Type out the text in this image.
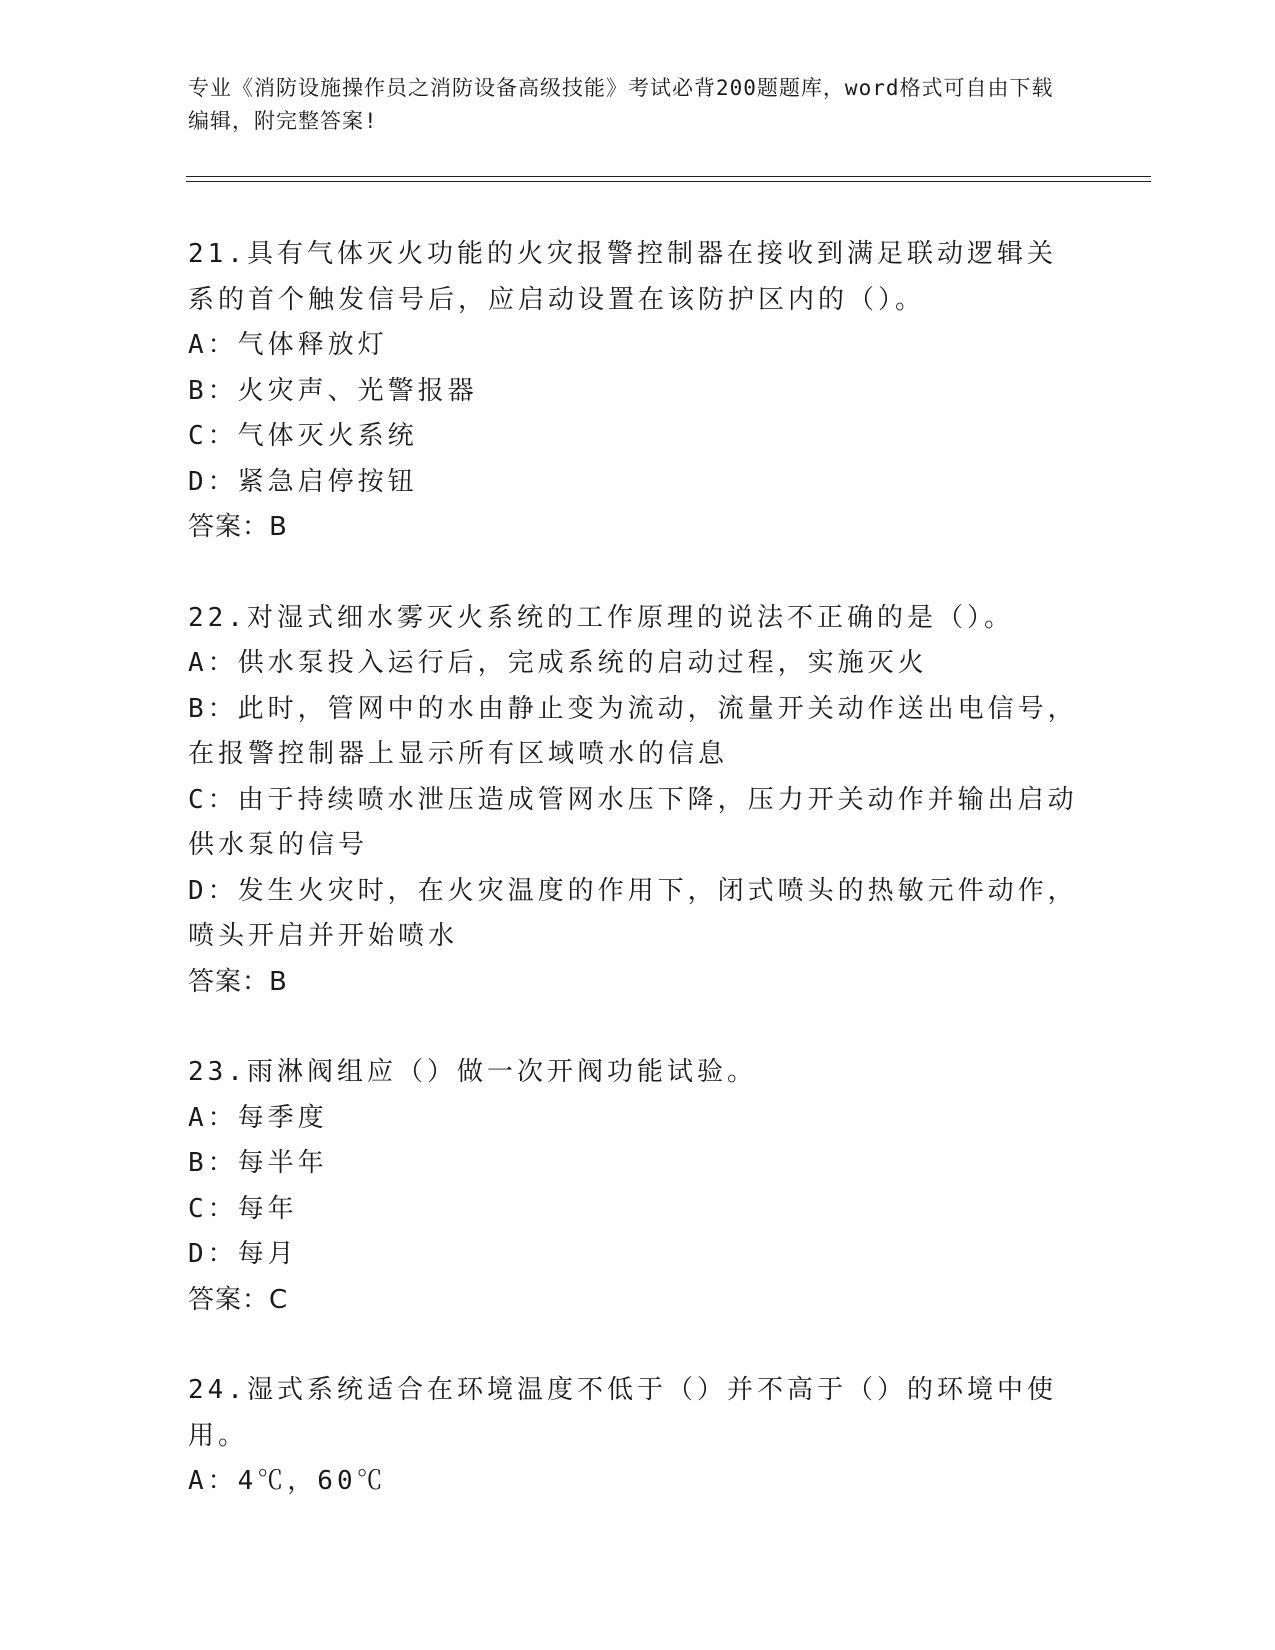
专业《消防设施操作员之消防设备高级技能》考试必背200题题库，word格式可自由下载编辑，附完整答案!
21.具有气体灭火功能的火灾报警控制器在接收到满足联动逻辑关系的首个触发信号后，应启动设置在该防护区内的（）。
A：气体释放灯
B：火灾声、光警报器
C：气体灭火系统
D：紧急启停按钮
答案：B
22.对湿式细水雾灭火系统的工作原理的说法不正确的是（）。
A：供水泵投入运行后，完成系统的启动过程，实施灭火
B：此时，管网中的水由静止变为流动，流量开关动作送出电信号，在报警控制器上显示所有区域喷水的信息
C：由于持续喷水泄压造成管网水压下降，压力开关动作并输出启动供水泵的信号
D：发生火灾时，在火灾温度的作用下，闭式喷头的热敏元件动作，喷头开启并开始喷水
答案：B
23.雨淋阀组应（）做一次开阀功能试验。
A：每季度
B：每半年
C：每年
D：每月
答案：C
24.湿式系统适合在环境温度不低于（）并不高于（）的环境中使用。
A：4℃，60℃
